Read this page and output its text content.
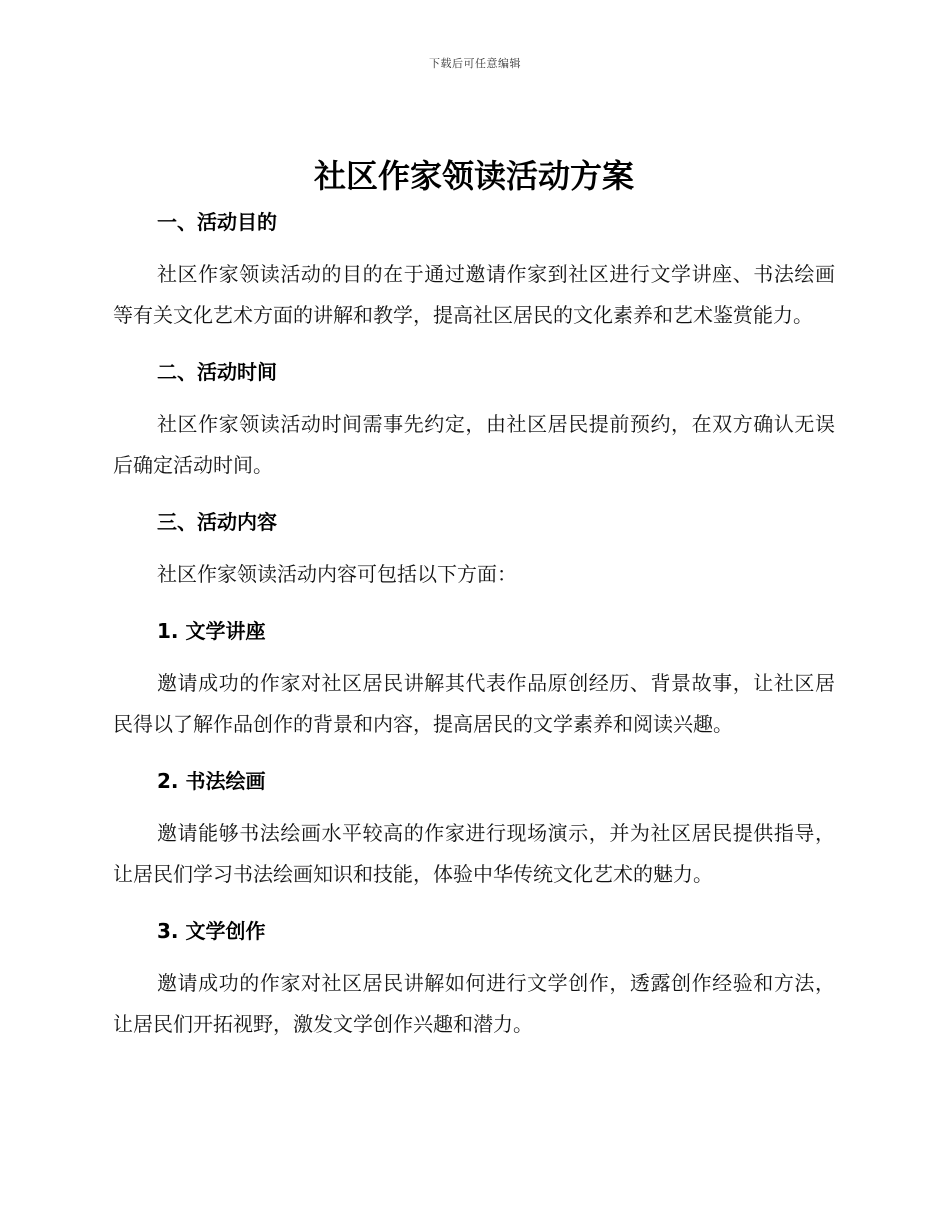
下载后可任意编辑
社区作家领读活动方案
一、活动目的

社区作家领读活动的目的在于通过邀请作家到社区进行文学讲座、书法绘画等有关文化艺术方面的讲解和教学，提高社区居民的文化素养和艺术鉴赏能力。

二、活动时间

社区作家领读活动时间需事先约定，由社区居民提前预约，在双方确认无误后确定活动时间。

三、活动内容

社区作家领读活动内容可包括以下方面：

1. 文学讲座

邀请成功的作家对社区居民讲解其代表作品原创经历、背景故事，让社区居民得以了解作品创作的背景和内容，提高居民的文学素养和阅读兴趣。

2. 书法绘画

邀请能够书法绘画水平较高的作家进行现场演示，并为社区居民提供指导，让居民们学习书法绘画知识和技能，体验中华传统文化艺术的魅力。

3. 文学创作

邀请成功的作家对社区居民讲解如何进行文学创作，透露创作经验和方法，让居民们开拓视野，激发文学创作兴趣和潜力。
